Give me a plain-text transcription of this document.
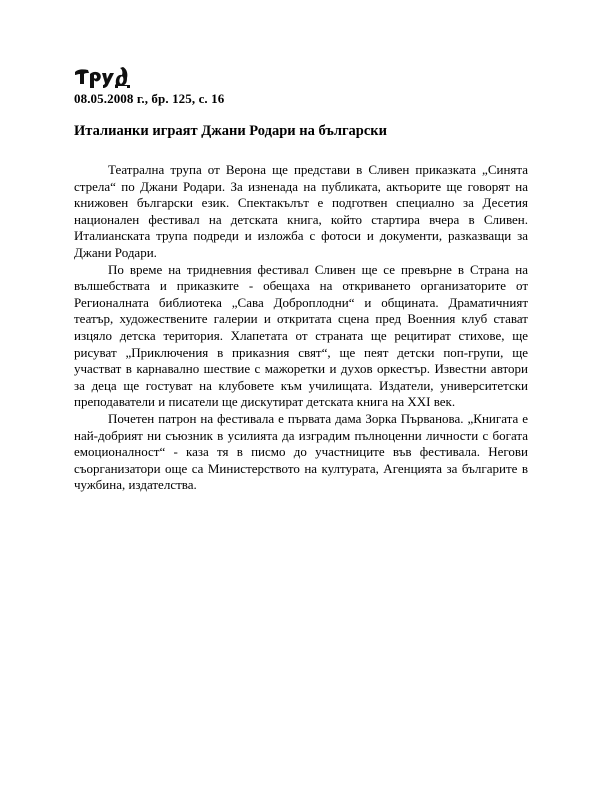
08.05.2008 г., бр. 125, с. 16
Италианки играят Джани Родари на български

Театрална трупа от Верона ще представи в Сливен приказката „Синята стрела“ по Джани Родари. За изненада на публиката, актьорите ще говорят на книжовен български език. Спектакълът е подготвен специално за Десетия национален фестивал на детската книга, който стартира вчера в Сливен. Италианската трупа подреди и изложба с фотоси и документи, разказващи за Джани Родари.

По време на тридневния фестивал Сливен ще се превърне в Страна на вълшебствата и приказките - обещаха на откриването организаторите от Регионалната библиотека „Сава Доброплодни“ и общината. Драматичният театър, художествените галерии и откритата сцена пред Военния клуб стават изцяло детска територия. Хлапетата от страната ще рецитират стихове, ще рисуват „Приключения в приказния свят“, ще пеят детски поп-групи, ще участват в карнавално шествие с мажоретки и духов оркестър. Известни автори за деца ще гостуват на клубовете към училищата. Издатели, университетски преподаватели и писатели ще дискутират детската книга на XXI век.

Почетен патрон на фестивала е първата дама Зорка Първанова. „Книгата е най-добрият ни съюзник в усилията да изградим пълноценни личности с богата емоционалност“ - каза тя в писмо до участниците във фестивала. Негови съорганизатори още са Министерството на културата, Агенцията за българите в чужбина, издателства.
